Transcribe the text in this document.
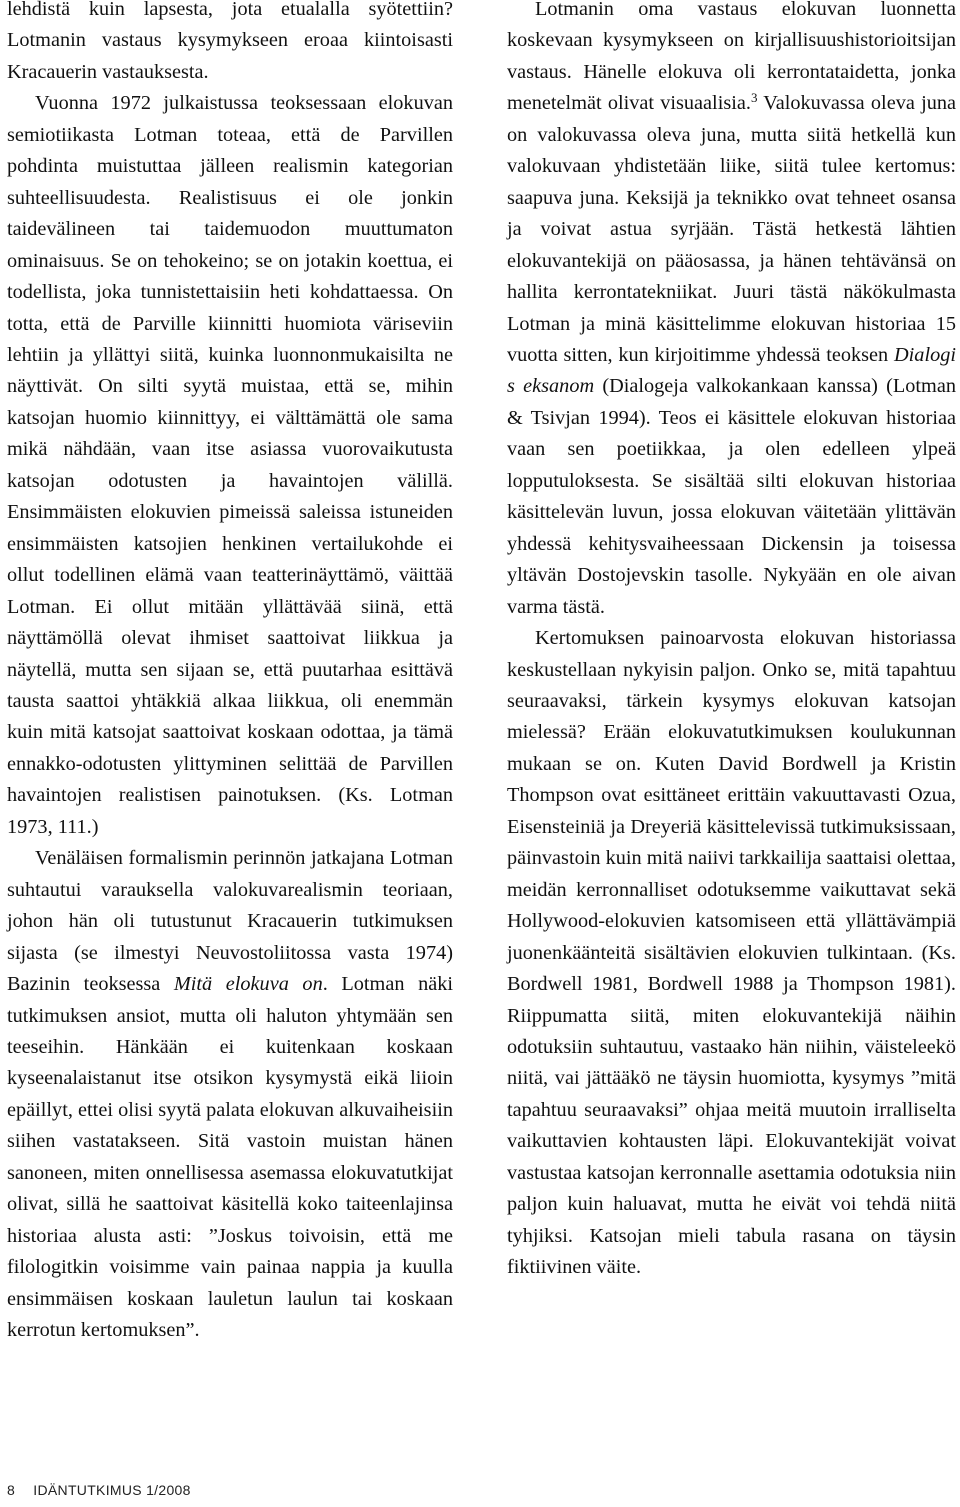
lehdistä kuin lapsesta, jota etualalla syötettiin? Lotmanin vastaus kysymykseen eroaa kiintoisasti Kracauerin vastauksesta.

Vuonna 1972 julkaistussa teoksessaan elokuvan semiotiikasta Lotman toteaa, että de Parvillen pohdinta muistuttaa jälleen realismin kategorian suhteellisuudesta. Realistisuus ei ole jonkin taidevälineen tai taidemuodon muuttumaton ominaisuus. Se on tehokeino; se on jotakin koettua, ei todellista, joka tunnistettaisiin heti kohdattaessa. On totta, että de Parville kiinnitti huomiota väriseviin lehtiin ja yllättyi siitä, kuinka luonnonmukaisilta ne näyttivät. On silti syytä muistaa, että se, mihin katsojan huomio kiinnittyy, ei välttämättä ole sama mikä nähdään, vaan itse asiassa vuorovaikutusta katsojan odotusten ja havaintojen välillä. Ensimmäisten elokuvien pimeissä saleissa istuneiden ensimmäisten katsojien henkinen vertailukohde ei ollut todellinen elämä vaan teatterinäyttämö, väittää Lotman. Ei ollut mitään yllättävää siinä, että näyttämöllä olevat ihmiset saattoivat liikkua ja näytellä, mutta sen sijaan se, että puutarhaa esittävä tausta saattoi yhtäkkiä alkaa liikkua, oli enemmän kuin mitä katsojat saattoivat koskaan odottaa, ja tämä ennakko-odotusten ylittyminen selittää de Parvillen havaintojen realistisen painotuksen. (Ks. Lotman 1973, 111.)

Venäläisen formalismin perinnön jatkajana Lotman suhtautui varauksella valokuvarealismin teoriaan, johon hän oli tutustunut Kracauerin tutkimuksen sijasta (se ilmestyi Neuvostoliitossa vasta 1974) Bazinin teoksessa Mitä elokuva on. Lotman näki tutkimuksen ansiot, mutta oli haluton yhtymään sen teeseihin. Hänkään ei kuitenkaan koskaan kyseenalaistanut itse otsikon kysymystä eikä liioin epäillyt, ettei olisi syytä palata elokuvan alkuvaiheisiin siihen vastatakseen. Sitä vastoin muistan hänen sanoneen, miten onnellisessa asemassa elokuvatutkijat olivat, sillä he saattoivat käsitellä koko taiteenlajinsa historiaa alusta asti: ”Joskus toivoisin, että me filologitkin voisimme vain painaa nappia ja kuulla ensimmäisen koskaan lauletun laulun tai koskaan kerrotun kertomuksen”.

Lotmanin oma vastaus elokuvan luonnetta koskevaan kysymykseen on kirjallisuushistorioitsijan vastaus. Hänelle elokuva oli kerrontataidetta, jonka menetelmät olivat visuaalisia.$^3$ Valokuvassa oleva juna on valokuvassa oleva juna, mutta siitä hetkellä kun valokuvaan yhdistetään liike, siitä tulee kertomus: saapuva juna. Keksijä ja teknikko ovat tehneet osansa ja voivat astua syrjään. Tästä hetkestä lähtien elokuvantekijä on pääosassa, ja hänen tehtävänsä on hallita kerrontatekniikat. Juuri tästä näkökulmasta Lotman ja minä käsittelimme elokuvan historiaa 15 vuotta sitten, kun kirjoitimme yhdessä teoksen Dialogi s eksanom (Dialogeja valkokankaan kanssa) (Lotman & Tsivjan 1994). Teos ei käsittele elokuvan historiaa vaan sen poetiikkaa, ja olen edelleen ylpeä lopputuloksesta. Se sisältää silti elokuvan historiaa käsittelevän luvun, jossa elokuvan väitetään ylittävän yhdessä kehitysvaiheessaan Dickensin ja toisessa yltävän Dostojevskin tasolle. Nykyään en ole aivan varma tästä.

Kertomuksen painoarvosta elokuvan historiassa keskustellaan nykyisin paljon. Onko se, mitä tapahtuu seuraavaksi, tärkein kysymys elokuvan katsojan mielessä? Erään elokuvatutkimuksen koulukunnan mukaan se on. Kuten David Bordwell ja Kristin Thompson ovat esittäneet erittäin vakuuttavasti Ozua, Eisensteiniä ja Dreyeriä käsittelevissä tutkimuksissaan, päinvastoin kuin mitä naiivi tarkkailija saattaisi olettaa, meidän kerronnalliset odotuksemme vaikuttavat sekä Hollywood-elokuvien katsomiseen että yllättävämpiä juonenkäänteitä sisältävien elokuvien tulkintaan. (Ks. Bordwell 1981, Bordwell 1988 ja Thompson 1981). Riippumatta siitä, miten elokuvantekijä näihin odotuksiin suhtautuu, vastaako hän niihin, väisteleekö niitä, vai jättääkö ne täysin huomiotta, kysymys ”mitä tapahtuu seuraavaksi” ohjaa meitä muutoin irralliselta vaikuttavien kohtausten läpi. Elokuvantekijät voivat vastustaa katsojan kerronnalle asettamia odotuksia niin paljon kuin haluavat, mutta he eivät voi tehdä niitä tyhjiksi. Katsojan mieli tabula rasana on täysin fiktiivinen väite.

8 IDÄNTUTKIMUS 1/2008
